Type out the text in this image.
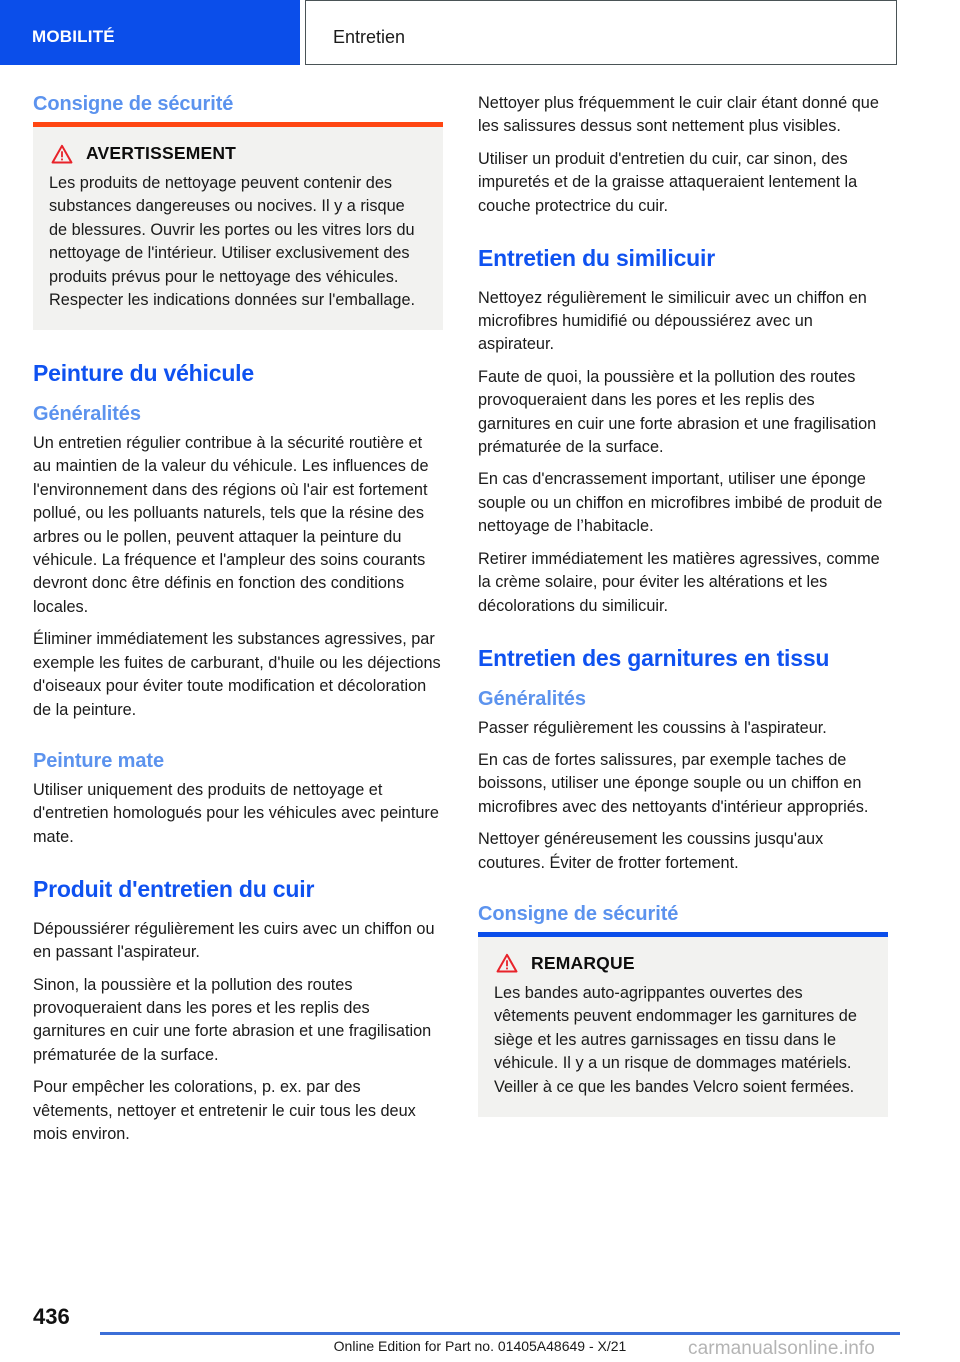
MOBILITÉ	Entretien
Consigne de sécurité
AVERTISSEMENT

Les produits de nettoyage peuvent contenir des substances dangereuses ou nocives. Il y a risque de blessures. Ouvrir les portes ou les vitres lors du nettoyage de l'intérieur. Utiliser exclusivement des produits prévus pour le nettoyage des véhicules. Respecter les indications données sur l'emballage.

Peinture du véhicule
Généralités

Un entretien régulier contribue à la sécurité routière et au maintien de la valeur du véhicule. Les influences de l'environnement dans des régions où l'air est fortement pollué, ou les polluants naturels, tels que la résine des arbres ou le pollen, peuvent attaquer la peinture du véhicule. La fréquence et l'ampleur des soins courants devront donc être définis en fonction des conditions locales.

Éliminer immédiatement les substances agressives, par exemple les fuites de carburant, d'huile ou les déjections d'oiseaux pour éviter toute modification et décoloration de la peinture.

Peinture mate

Utiliser uniquement des produits de nettoyage et d'entretien homologués pour les véhicules avec peinture mate.

Produit d'entretien du cuir

Dépoussiérer régulièrement les cuirs avec un chiffon ou en passant l'aspirateur.

Sinon, la poussière et la pollution des routes provoqueraient dans les pores et les replis des garnitures en cuir une forte abrasion et une fragilisation prématurée de la surface.

Pour empêcher les colorations, p. ex. par des vêtements, nettoyer et entretenir le cuir tous les deux mois environ.

Nettoyer plus fréquemment le cuir clair étant donné que les salissures dessus sont nettement plus visibles.

Utiliser un produit d'entretien du cuir, car sinon, des impuretés et de la graisse attaqueraient lentement la couche protectrice du cuir.

Entretien du similicuir

Nettoyez régulièrement le similicuir avec un chiffon en microfibres humidifié ou dépoussiérez avec un aspirateur.

Faute de quoi, la poussière et la pollution des routes provoqueraient dans les pores et les replis des garnitures en cuir une forte abrasion et une fragilisation prématurée de la surface.

En cas d'encrassement important, utiliser une éponge souple ou un chiffon en microfibres imbibé de produit de nettoyage de l’habitacle.

Retirer immédiatement les matières agressives, comme la crème solaire, pour éviter les altérations et les décolorations du similicuir.

Entretien des garnitures en tissu
Généralités

Passer régulièrement les coussins à l'aspirateur.

En cas de fortes salissures, par exemple taches de boissons, utiliser une éponge souple ou un chiffon en microfibres avec des nettoyants d'intérieur appropriés.

Nettoyer généreusement les coussins jusqu'aux coutures. Éviter de frotter fortement.

Consigne de sécurité
REMARQUE

Les bandes auto-agrippantes ouvertes des vêtements peuvent endommager les garnitures de siège et les autres garnissages en tissu dans le véhicule. Il y a un risque de dommages matériels. Veiller à ce que les bandes Velcro soient fermées.

436
Online Edition for Part no. 01405A48649 - X/21	carmanualsonline.info
